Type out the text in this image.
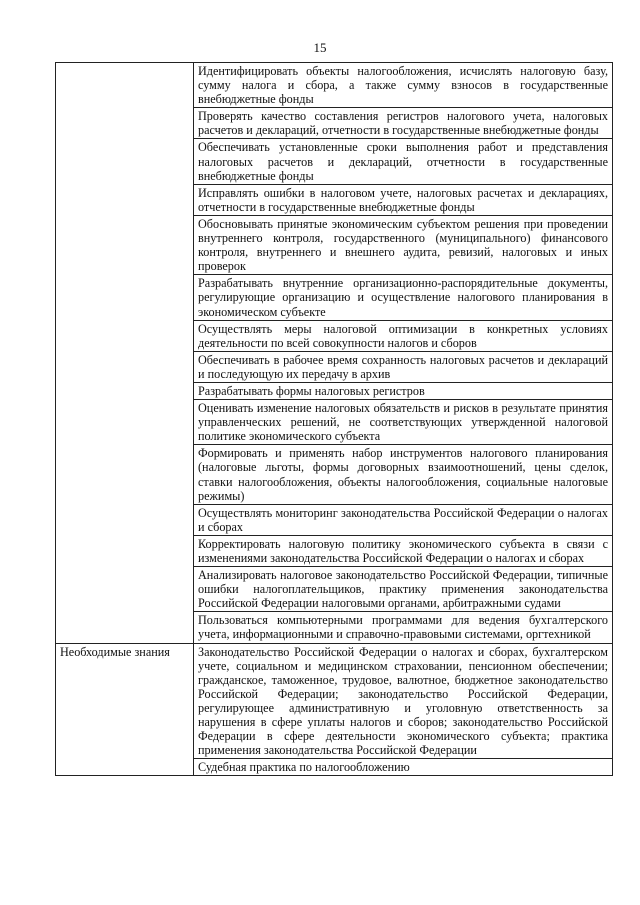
15
	Идентифицировать объекты налогообложения, исчислять налоговую базу, сумму налога и сбора, а также сумму взносов в государственные внебюджетные фонды
	Проверять качество составления регистров налогового учета, налоговых расчетов и деклараций, отчетности в государственные внебюджетные фонды
	Обеспечивать установленные сроки выполнения работ и представления налоговых расчетов и деклараций, отчетности в государственные внебюджетные фонды
	Исправлять ошибки в налоговом учете, налоговых расчетах и декларациях, отчетности в государственные внебюджетные фонды
	Обосновывать принятые экономическим субъектом решения при проведении внутреннего контроля, государственного (муниципального) финансового контроля, внутреннего и внешнего аудита, ревизий, налоговых и иных проверок
	Разрабатывать внутренние организационно-распорядительные документы, регулирующие организацию и осуществление налогового планирования в экономическом субъекте
	Осуществлять меры налоговой оптимизации в конкретных условиях деятельности по всей совокупности налогов и сборов
	Обеспечивать в рабочее время сохранность налоговых расчетов и деклараций и последующую их передачу в архив
	Разрабатывать формы налоговых регистров
	Оценивать изменение налоговых обязательств и рисков в результате принятия управленческих решений, не соответствующих утвержденной налоговой политике экономического субъекта
	Формировать и применять набор инструментов налогового планирования (налоговые льготы, формы договорных взаимоотношений, цены сделок, ставки налогообложения, объекты налогообложения, социальные налоговые режимы)
	Осуществлять мониторинг законодательства Российской Федерации о налогах и сборах
	Корректировать налоговую политику экономического субъекта в связи с изменениями законодательства Российской Федерации о налогах и сборах
	Анализировать налоговое законодательство Российской Федерации, типичные ошибки налогоплательщиков, практику применения законодательства Российской Федерации налоговыми органами, арбитражными судами
	Пользоваться компьютерными программами для ведения бухгалтерского учета, информационными и справочно-правовыми системами, оргтехникой
Необходимые знания	Законодательство Российской Федерации о налогах и сборах, бухгалтерском учете, социальном и медицинском страховании, пенсионном обеспечении; гражданское, таможенное, трудовое, валютное, бюджетное законодательство Российской Федерации; законодательство Российской Федерации, регулирующее административную и уголовную ответственность за нарушения в сфере уплаты налогов и сборов; законодательство Российской Федерации в сфере деятельности экономического субъекта; практика применения законодательства Российской Федерации
	Судебная практика по налогообложению
